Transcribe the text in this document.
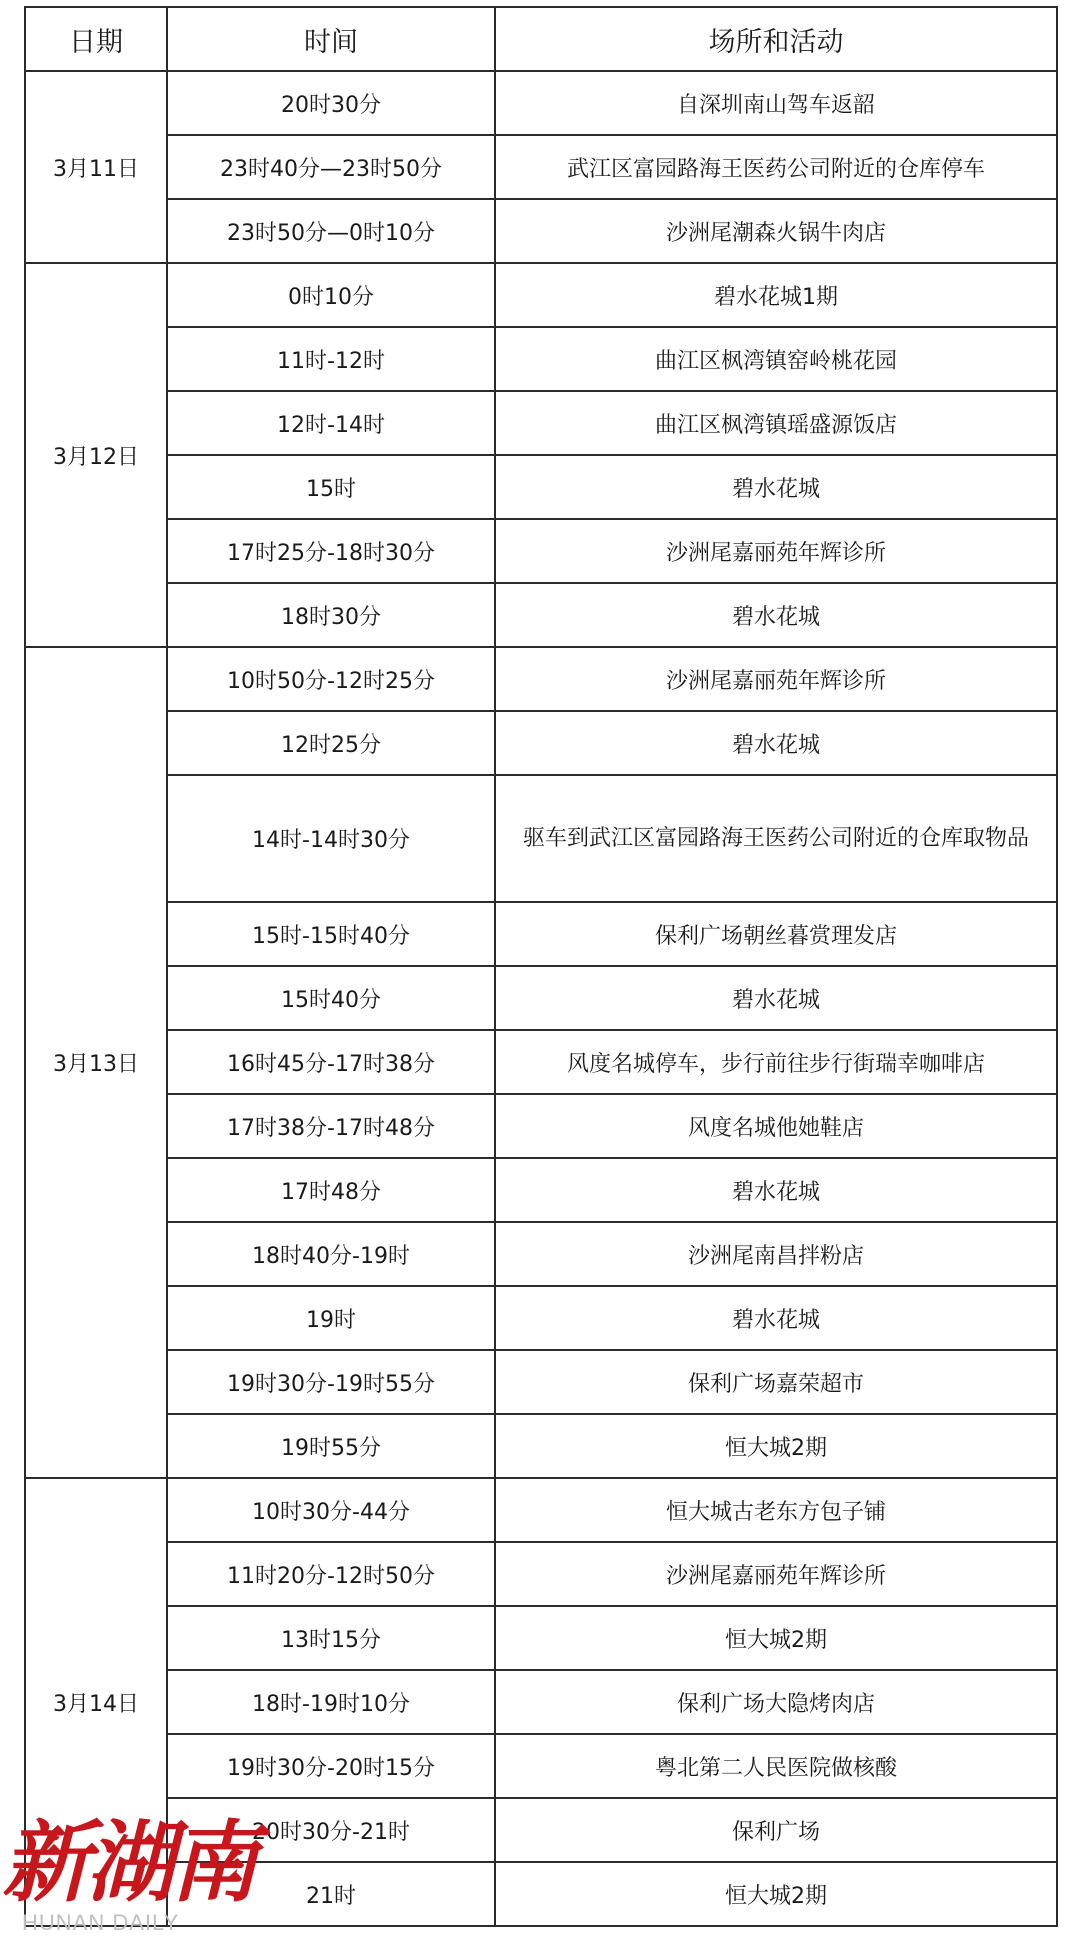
日期	时间	场所和活动
3月11日	20时30分	自深圳南山驾车返韶
	23时40分—23时50分	武江区富园路海王医药公司附近的仓库停车
	23时50分—0时10分	沙洲尾潮森火锅牛肉店
3月12日	0时10分	碧水花城1期
	11时-12时	曲江区枫湾镇窑岭桃花园
	12时-14时	曲江区枫湾镇瑶盛源饭店
	15时	碧水花城
	17时25分-18时30分	沙洲尾嘉丽苑年辉诊所
	18时30分	碧水花城
3月13日	10时50分-12时25分	沙洲尾嘉丽苑年辉诊所
	12时25分	碧水花城
	14时-14时30分	驱车到武江区富园路海王医药公司附近的仓库取物品
	15时-15时40分	保利广场朝丝暮赏理发店
	15时40分	碧水花城
	16时45分-17时38分	风度名城停车，步行前往步行街瑞幸咖啡店
	17时38分-17时48分	风度名城他她鞋店
	17时48分	碧水花城
	18时40分-19时	沙洲尾南昌拌粉店
	19时	碧水花城
	19时30分-19时55分	保利广场嘉荣超市
	19时55分	恒大城2期
3月14日	10时30分-44分	恒大城古老东方包子铺
	11时20分-12时50分	沙洲尾嘉丽苑年辉诊所
	13时15分	恒大城2期
	18时-19时10分	保利广场大隐烤肉店
	19时30分-20时15分	粤北第二人民医院做核酸
	20时30分-21时	保利广场
	21时	恒大城2期
新湖南
HUNAN DAILY
